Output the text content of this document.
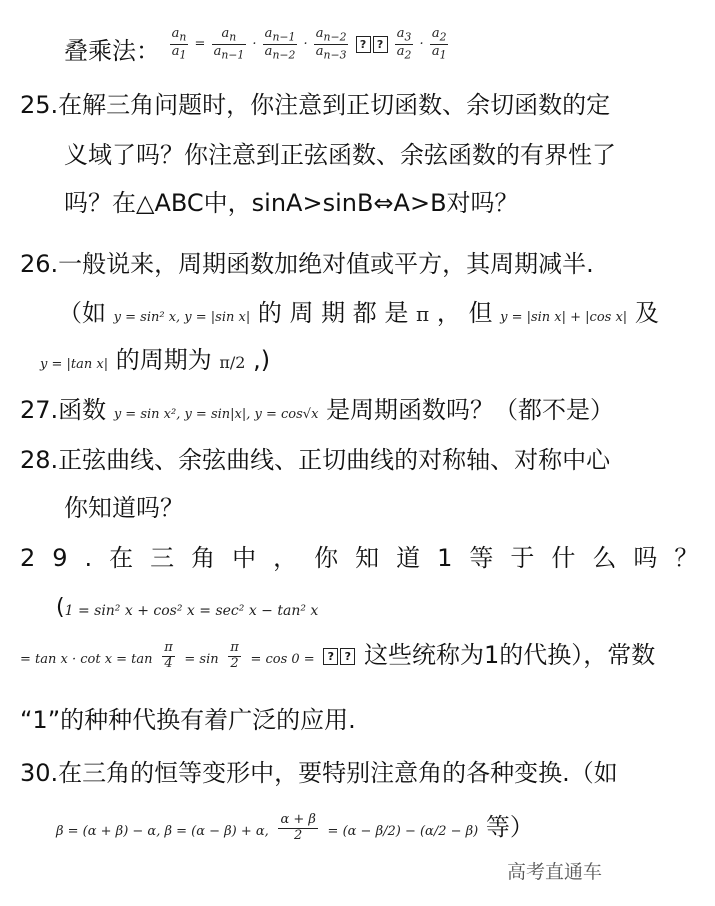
叠乘法： $\frac{a_n}{a_1} = \frac{a_n}{a_{n-1}} \cdot \frac{a_{n-1}}{a_{n-2}} \cdot \frac{a_{n-2}}{a_{n-3}}$ ? ? $\frac{a_3}{a_2} \cdot \frac{a_2}{a_1}$
25.在解三角问题时，你注意到正切函数、余切函数的定
义域了吗？你注意到正弦函数、余弦函数的有界性了
吗？在△ABC中，sinA>sinB⇔A>B对吗？
26.一般说来，周期函数加绝对值或平方，其周期减半.
（如 y = sin² x, y = |sin x| 的 周 期 都 是 π ， 但 y = |sin x| + |cos x| 及
y = |tan x| 的周期为 π/2 ,)
27.函数 y = sin x², y = sin|x|, y = cos√x 是周期函数吗？（都不是）
28.正弦曲线、余弦曲线、正切曲线的对称轴、对称中心
你知道吗？
29.在三角中，你知道1等于什么吗？
(1 = sin² x + cos² x = sec² x − tan² x
= $\tan x \cdot \cot x = \tan \frac{\pi}{4} = \sin \frac{\pi}{2} = \cos 0$ = ? ? 这些统称为1的代换），常数
“1”的种种代换有着广泛的应用.
30.在三角的恒等变形中，要特别注意角的各种变换.（如
β = (α + β) − α, β = (α − β) + α, $\frac{\alpha + \beta}{2} = (\alpha - \beta/2) - (\alpha/2 - \beta)$ 等）
高考直通车
